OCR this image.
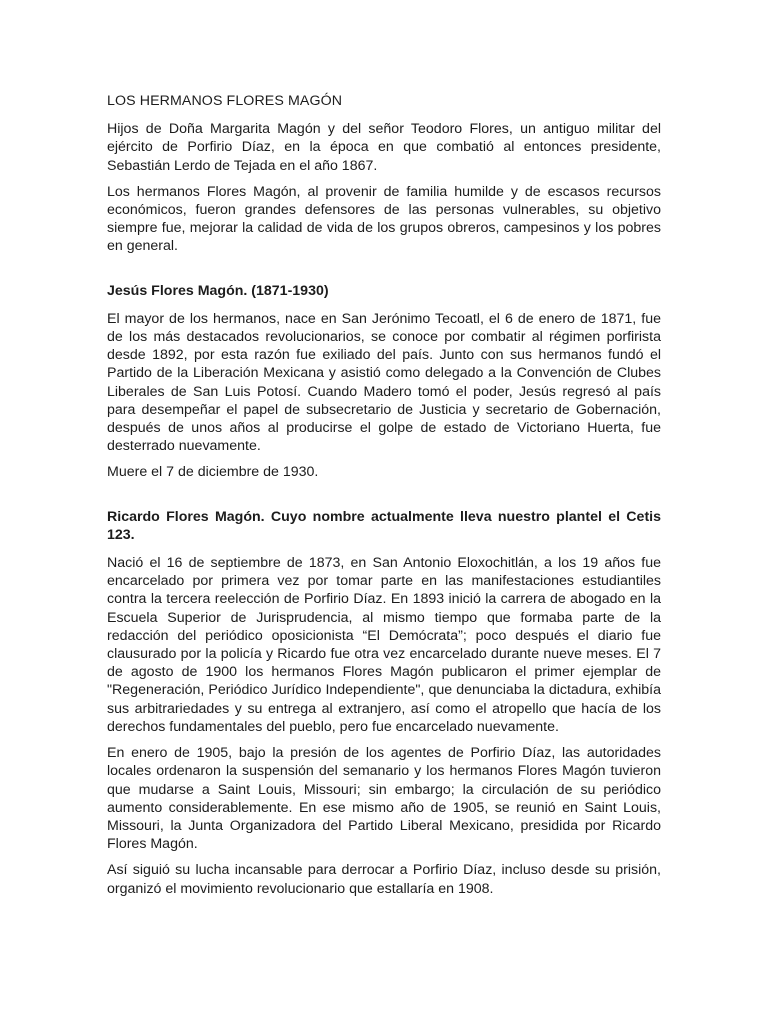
LOS HERMANOS FLORES MAGÓN

Hijos de Doña Margarita Magón y del señor Teodoro Flores, un antiguo militar del ejército de Porfirio Díaz, en la época en que combatió al entonces presidente, Sebastián Lerdo de Tejada en el año 1867.

Los hermanos Flores Magón, al provenir de familia humilde y de escasos recursos económicos, fueron grandes defensores de las personas vulnerables, su objetivo siempre fue, mejorar la calidad de vida de los grupos obreros, campesinos y los pobres en general.

Jesús Flores Magón. (1871-1930)

El mayor de los hermanos, nace en San Jerónimo Tecoatl, el 6 de enero de 1871, fue de los más destacados revolucionarios, se conoce por combatir al régimen porfirista desde 1892, por esta razón fue exiliado del país. Junto con sus hermanos fundó el Partido de la Liberación Mexicana y asistió como delegado a la Convención de Clubes Liberales de San Luis Potosí. Cuando Madero tomó el poder, Jesús regresó al país para desempeñar el papel de subsecretario de Justicia y secretario de Gobernación, después de unos años al producirse el golpe de estado de Victoriano Huerta, fue desterrado nuevamente.

Muere el 7 de diciembre de 1930.

Ricardo Flores Magón. Cuyo nombre actualmente lleva nuestro plantel el Cetis 123.

Nació el 16 de septiembre de 1873, en San Antonio Eloxochitlán, a los 19 años fue encarcelado por primera vez por tomar parte en las manifestaciones estudiantiles contra la tercera reelección de Porfirio Díaz. En 1893 inició la carrera de abogado en la Escuela Superior de Jurisprudencia, al mismo tiempo que formaba parte de la redacción del periódico oposicionista “El Demócrata”; poco después el diario fue clausurado por la policía y Ricardo fue otra vez encarcelado durante nueve meses. El 7 de agosto de 1900 los hermanos Flores Magón publicaron el primer ejemplar de "Regeneración, Periódico Jurídico Independiente", que denunciaba la dictadura, exhibía sus arbitrariedades y su entrega al extranjero, así como el atropello que hacía de los derechos fundamentales del pueblo, pero fue encarcelado nuevamente.

En enero de 1905, bajo la presión de los agentes de Porfirio Díaz, las autoridades locales ordenaron la suspensión del semanario y los hermanos Flores Magón tuvieron que mudarse a Saint Louis, Missouri; sin embargo; la circulación de su periódico aumento considerablemente. En ese mismo año de 1905, se reunió en Saint Louis, Missouri, la Junta Organizadora del Partido Liberal Mexicano, presidida por Ricardo Flores Magón.

Así siguió su lucha incansable para derrocar a Porfirio Díaz, incluso desde su prisión, organizó el movimiento revolucionario que estallaría en 1908.
